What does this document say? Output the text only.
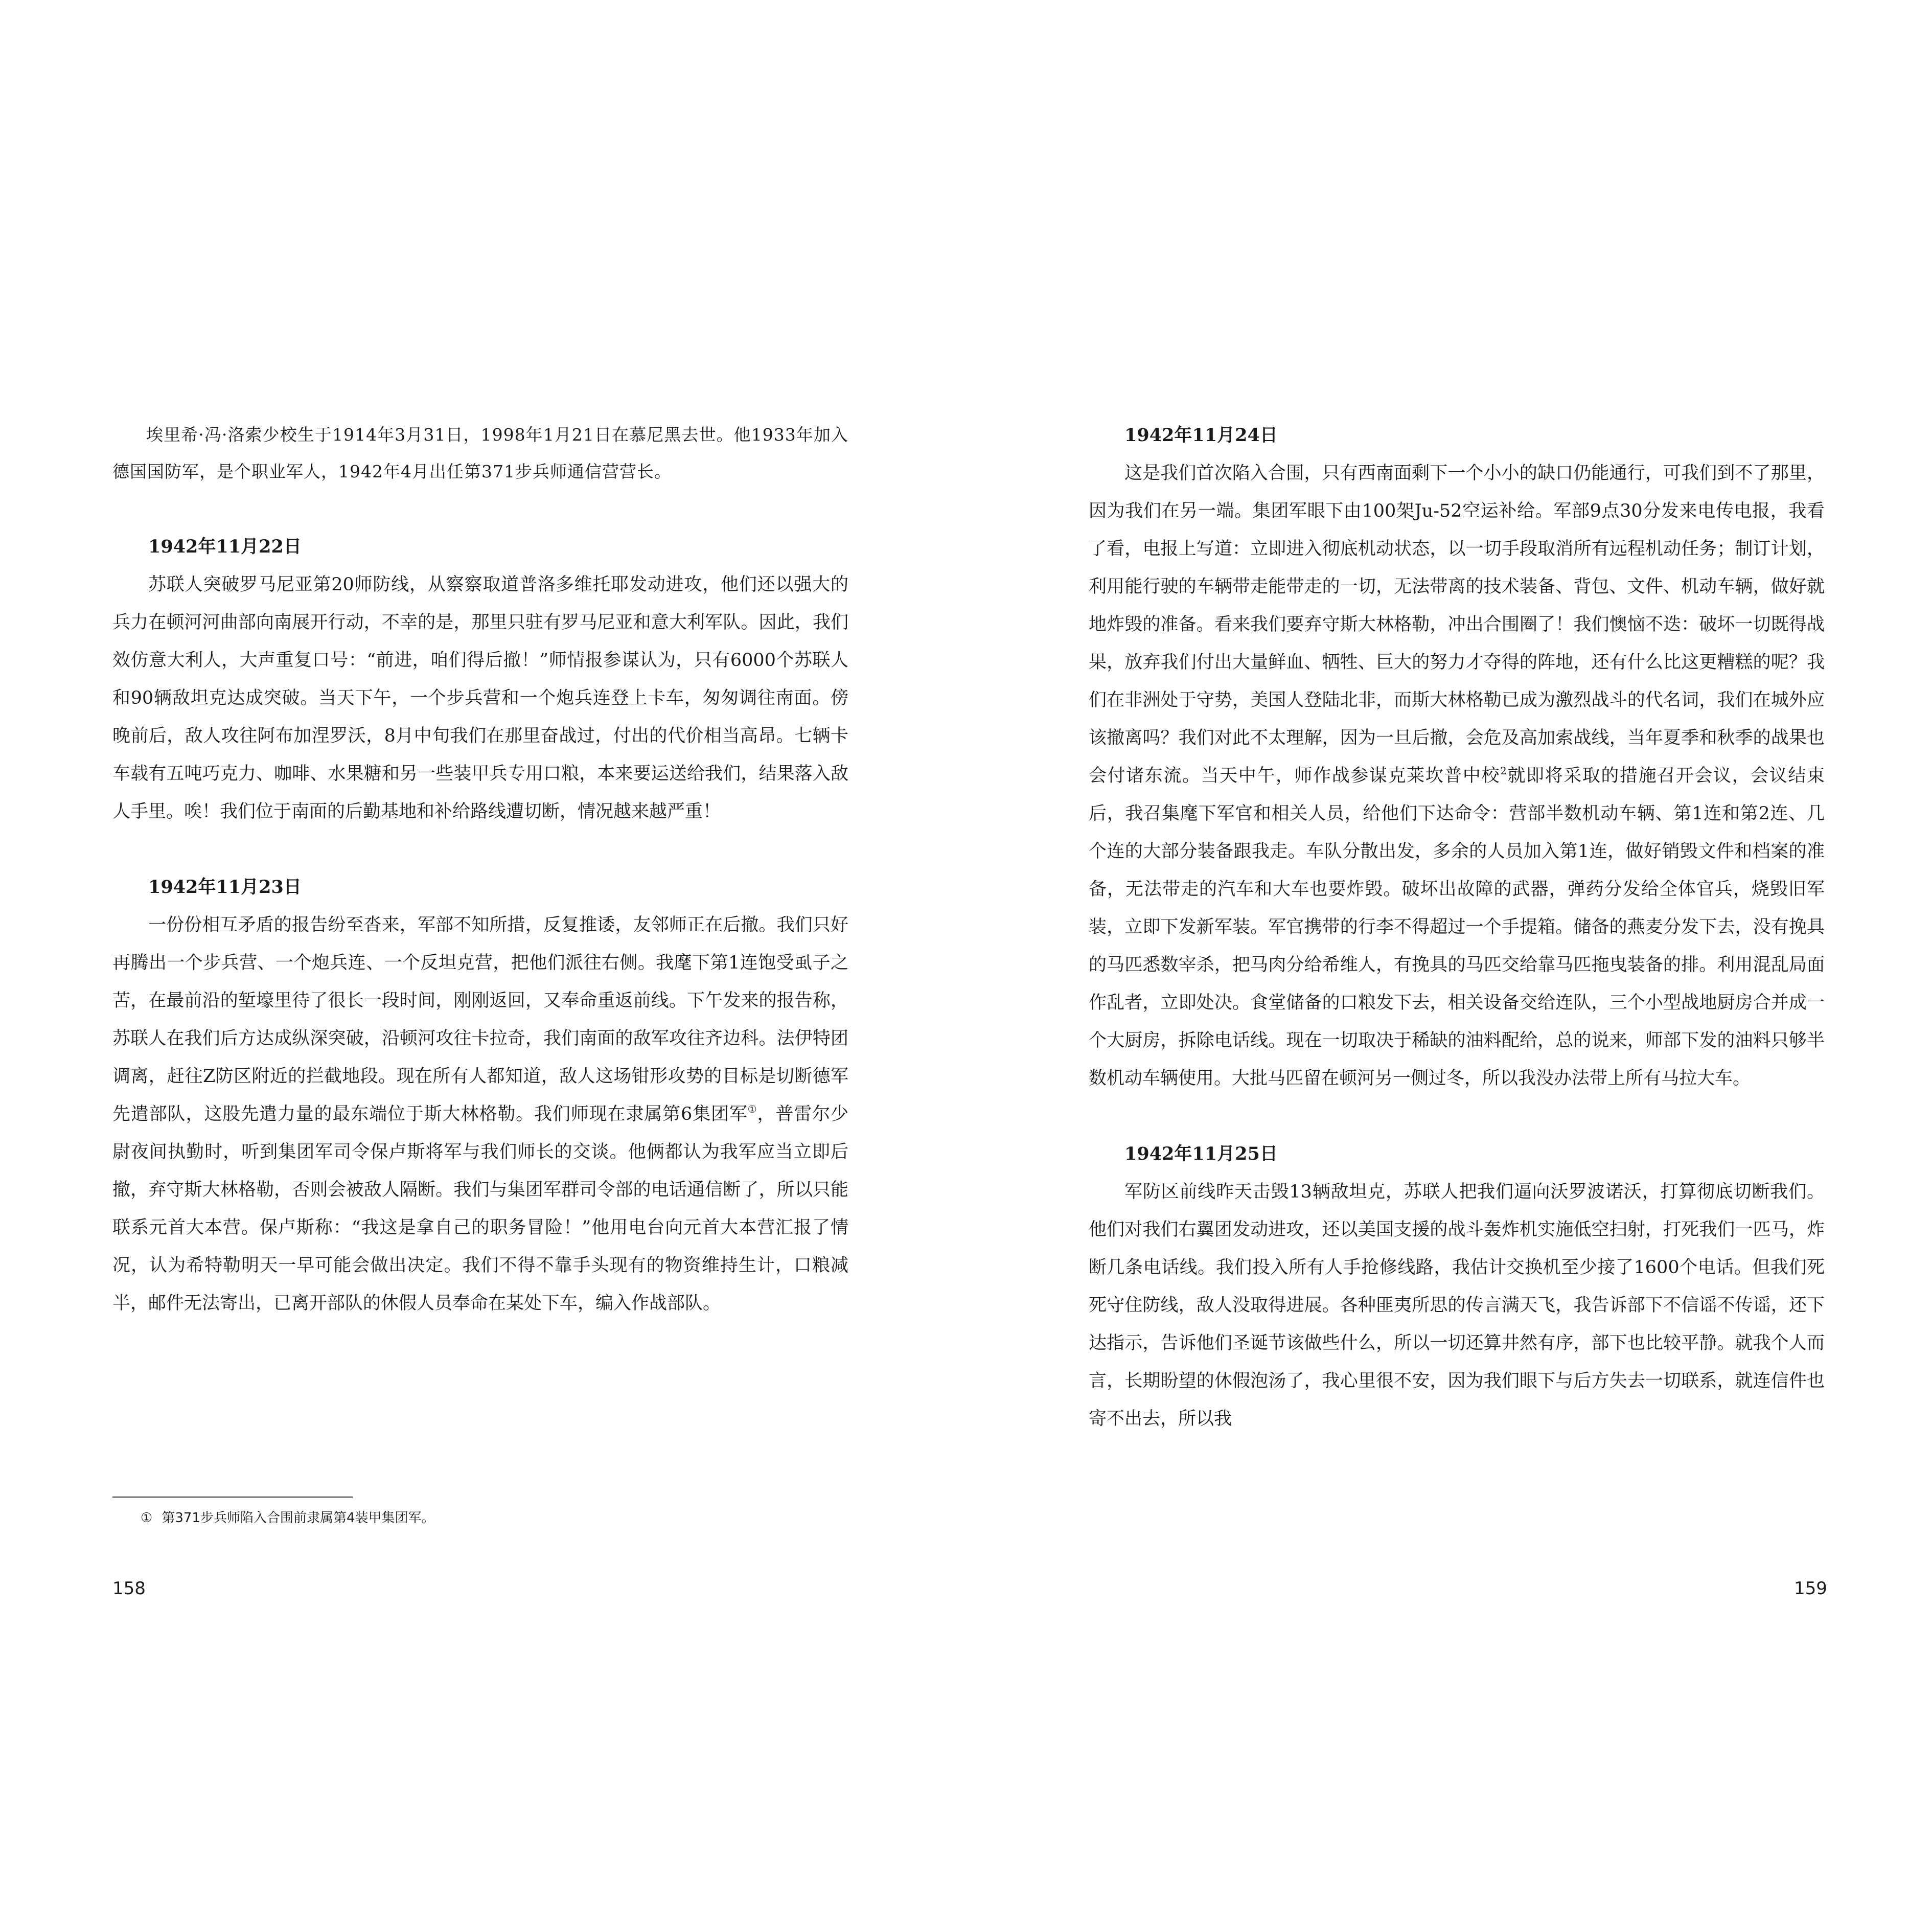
埃里希·冯·洛索少校生于1914年3月31日，1998年1月21日在慕尼黑去世。他1933年加入德国国防军，是个职业军人，1942年4月出任第371步兵师通信营营长。

1942年11月22日

苏联人突破罗马尼亚第20师防线，从察察取道普洛多维托耶发动进攻，他们还以强大的兵力在顿河河曲部向南展开行动，不幸的是，那里只驻有罗马尼亚和意大利军队。因此，我们效仿意大利人，大声重复口号：“前进，咱们得后撤！”师情报参谋认为，只有6000个苏联人和90辆敌坦克达成突破。当天下午，一个步兵营和一个炮兵连登上卡车，匆匆调往南面。傍晚前后，敌人攻往阿布加涅罗沃，8月中旬我们在那里奋战过，付出的代价相当高昂。七辆卡车载有五吨巧克力、咖啡、水果糖和另一些装甲兵专用口粮，本来要运送给我们，结果落入敌人手里。唉！我们位于南面的后勤基地和补给路线遭切断，情况越来越严重！

1942年11月23日

一份份相互矛盾的报告纷至沓来，军部不知所措，反复推诿，友邻师正在后撤。我们只好再腾出一个步兵营、一个炮兵连、一个反坦克营，把他们派往右侧。我麾下第1连饱受虱子之苦，在最前沿的堑壕里待了很长一段时间，刚刚返回，又奉命重返前线。下午发来的报告称，苏联人在我们后方达成纵深突破，沿顿河攻往卡拉奇，我们南面的敌军攻往齐边科。法伊特团调离，赶往Z防区附近的拦截地段。现在所有人都知道，敌人这场钳形攻势的目标是切断德军先遣部队，这股先遣力量的最东端位于斯大林格勒。我们师现在隶属第6集团军①，普雷尔少尉夜间执勤时，听到集团军司令保卢斯将军与我们师长的交谈。他俩都认为我军应当立即后撤，弃守斯大林格勒，否则会被敌人隔断。我们与集团军群司令部的电话通信断了，所以只能联系元首大本营。保卢斯称：“我这是拿自己的职务冒险！”他用电台向元首大本营汇报了情况，认为希特勒明天一早可能会做出决定。我们不得不靠手头现有的物资维持生计，口粮减半，邮件无法寄出，已离开部队的休假人员奉命在某处下车，编入作战部队。

① 第371步兵师陷入合围前隶属第4装甲集团军。
158

1942年11月24日

这是我们首次陷入合围，只有西南面剩下一个小小的缺口仍能通行，可我们到不了那里，因为我们在另一端。集团军眼下由100架Ju-52空运补给。军部9点30分发来电传电报，我看了看，电报上写道：立即进入彻底机动状态，以一切手段取消所有远程机动任务；制订计划，利用能行驶的车辆带走能带走的一切，无法带离的技术装备、背包、文件、机动车辆，做好就地炸毁的准备。看来我们要弃守斯大林格勒，冲出合围圈了！我们懊恼不迭：破坏一切既得战果，放弃我们付出大量鲜血、牺牲、巨大的努力才夺得的阵地，还有什么比这更糟糕的呢？我们在非洲处于守势，美国人登陆北非，而斯大林格勒已成为激烈战斗的代名词，我们在城外应该撤离吗？我们对此不太理解，因为一旦后撤，会危及高加索战线，当年夏季和秋季的战果也会付诸东流。当天中午，师作战参谋克莱坎普中校$^2$就即将采取的措施召开会议，会议结束后，我召集麾下军官和相关人员，给他们下达命令：营部半数机动车辆、第1连和第2连、几个连的大部分装备跟我走。车队分散出发，多余的人员加入第1连，做好销毁文件和档案的准备，无法带走的汽车和大车也要炸毁。破坏出故障的武器，弹药分发给全体官兵，烧毁旧军装，立即下发新军装。军官携带的行李不得超过一个手提箱。储备的燕麦分发下去，没有挽具的马匹悉数宰杀，把马肉分给希维人，有挽具的马匹交给靠马匹拖曳装备的排。利用混乱局面作乱者，立即处决。食堂储备的口粮发下去，相关设备交给连队，三个小型战地厨房合并成一个大厨房，拆除电话线。现在一切取决于稀缺的油料配给，总的说来，师部下发的油料只够半数机动车辆使用。大批马匹留在顿河另一侧过冬，所以我没办法带上所有马拉大车。

1942年11月25日

军防区前线昨天击毁13辆敌坦克，苏联人把我们逼向沃罗波诺沃，打算彻底切断我们。他们对我们右翼团发动进攻，还以美国支援的战斗轰炸机实施低空扫射，打死我们一匹马，炸断几条电话线。我们投入所有人手抢修线路，我估计交换机至少接了1600个电话。但我们死死守住防线，敌人没取得进展。各种匪夷所思的传言满天飞，我告诉部下不信谣不传谣，还下达指示，告诉他们圣诞节该做些什么，所以一切还算井然有序，部下也比较平静。就我个人而言，长期盼望的休假泡汤了，我心里很不安，因为我们眼下与后方失去一切联系，就连信件也寄不出去，所以我

159
